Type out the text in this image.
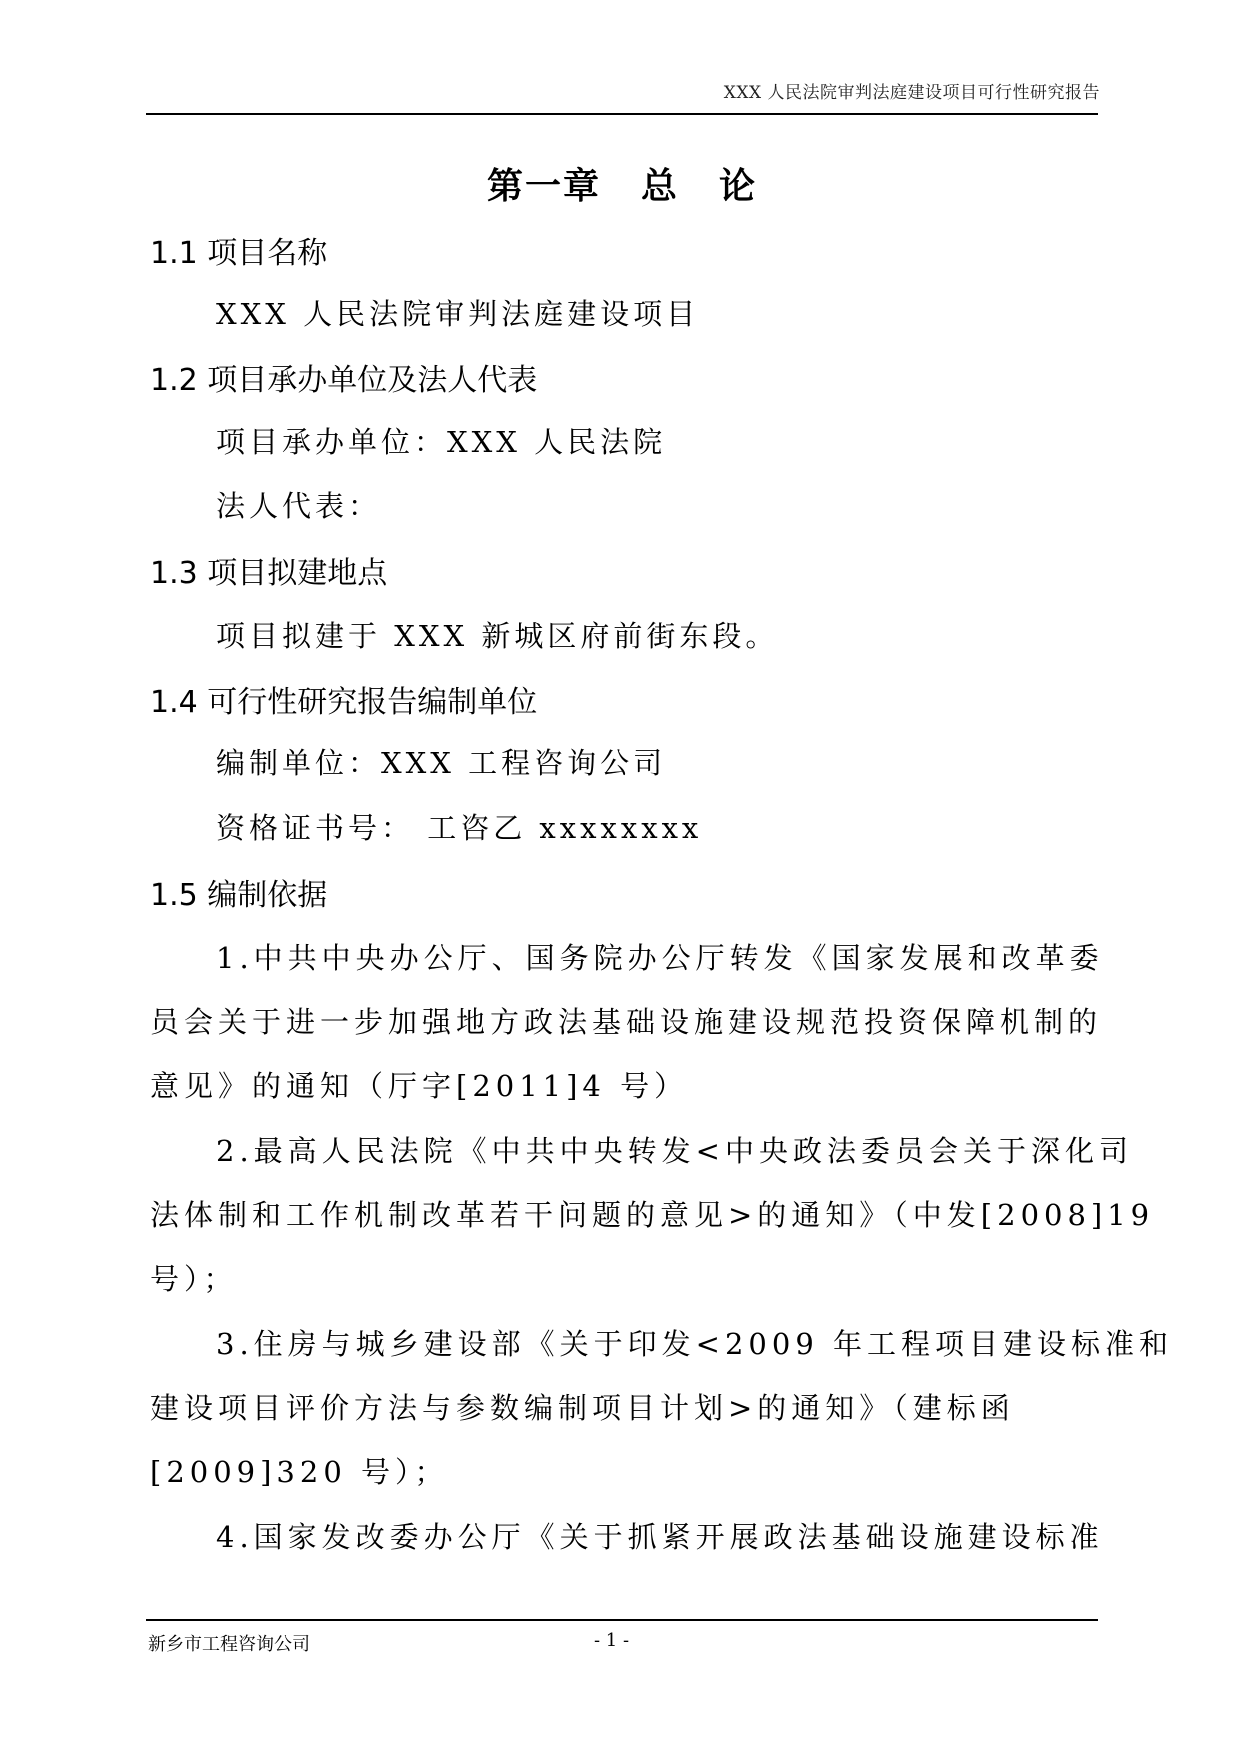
XXX 人民法院审判法庭建设项目可行性研究报告
第一章 总 论
1.1 项目名称
XXX 人民法院审判法庭建设项目
1.2 项目承办单位及法人代表
项目承办单位：XXX 人民法院
法人代表：
1.3 项目拟建地点
项目拟建于 XXX 新城区府前街东段。
1.4 可行性研究报告编制单位
编制单位：XXX 工程咨询公司
资格证书号： 工咨乙 xxxxxxxx
1.5 编制依据
1.中共中央办公厅、国务院办公厅转发《国家发展和改革委
员会关于进一步加强地方政法基础设施建设规范投资保障机制的
意见》的通知（厅字[2011]4 号）
2.最高人民法院《中共中央转发<中央政法委员会关于深化司
法体制和工作机制改革若干问题的意见>的通知》（中发[2008]19
号）；
3.住房与城乡建设部《关于印发<2009 年工程项目建设标准和
建设项目评价方法与参数编制项目计划>的通知》（建标函
[2009]320 号）；
4.国家发改委办公厅《关于抓紧开展政法基础设施建设标准
新乡市工程咨询公司	- 1 -
